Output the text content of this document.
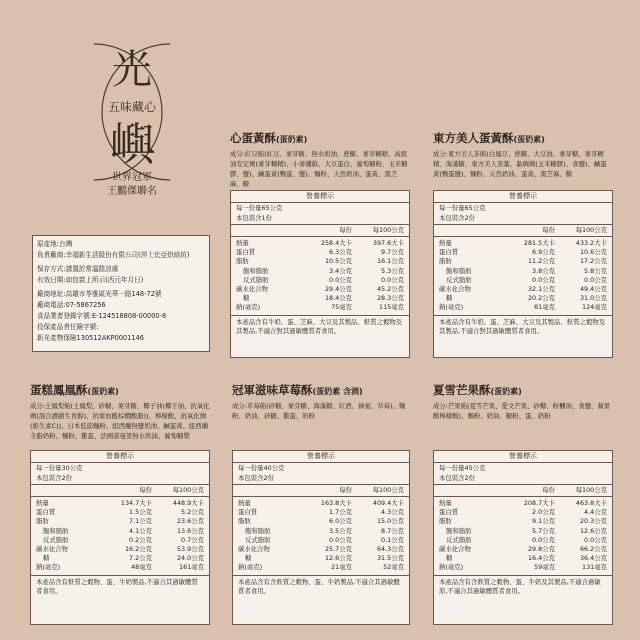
光
五味藏心
嶼
世界冠軍
王鵬傑聯名

原產地:台灣

負責廠商:幸福新生活股份有限公司(莎士比亞烘焙坊)

保存方式:請置於常溫陰涼處

有效日期:如包裝上所示(西元年月日)

廠商地址:高雄市苓雅區光華一路148-72號

廠商電話:07-5867256

食品業者登錄字號:E-124518808-00000-8

投保產品責任險字號:

新光產物保險130512AKP0001146

心蛋黃酥(蛋奶素)
成分:紅豆餡(紅豆、麥芽糖、無水奶油、蔗糖、麥芽糊精、高級油安定劑(麥芽糊精)、小麥纖維、大豆蛋白、葡萄糖粉、玉米糖膠、鹽)、鹹蛋黃(鴨蛋、鹽)、麵粉、天然奶油、蛋黃、黑芝麻、糖
營養標示
每一份量65公克
本包裝含1份
每份	每100公克
熱量	258.4大卡	397.6大卡
蛋白質	6.3公克	9.7公克
脂肪	10.5公克	16.1公克
飽和脂肪	3.4公克	5.3公克
反式脂肪	0.0公克	0.0公克
碳水化合物	29.4公克	45.2公克
糖	18.4公克	28.3公克
鈉(毫克)	75毫克	115毫克
本產品含有牛奶、蛋、芝麻、大豆及其製品、麩質之穀物及其製品,不適合對其過敏體質者食用。
東方美人蛋黃酥(蛋奶素)
成分:東方美人茶餡(白鳳豆、蔗糖、大豆油、麥芽糖、麥芽糊精、海藻糖、東方美人茶葉、黏稠劑(玉米糖膠)、食鹽)、鹹蛋黃(鴨蛋鹽)、麵粉、天然奶油、蛋黃、黑芝麻、糖
營養標示
每一份量65公克
本包裝含2份
每份	每100公克
熱量	281.5大卡	433.2大卡
蛋白質	6.9公克	10.6公克
脂肪	11.2公克	17.2公克
飽和脂肪	3.8公克	5.8公克
反式脂肪	0.0公克	0.0公克
碳水化合物	32.1公克	49.4公克
糖	20.2公克	31.0公克
鈉(毫克)	81毫克	124毫克
本產品含有牛奶、蛋、芝麻、大豆及其製品、麩質之穀物及其製品,不適合對其過敏體質者食用。
蛋糕鳳凰酥(蛋奶素)
成分:土鳳梨餡(土鳳梨、砂糖、麥芽糖、椰子油(椰子油、抗氧化劑(混合濃縮生育醇)、抗壞血酸棕櫚酸脂))、檸檬酸、抗氧化劑(維生素C))、日本低筋麵粉、紐西蘭無鹽奶油、鹹蛋黃、紐西蘭全脂奶粉、麵粉、雞蛋、法國諾曼第無水奶油、葡萄糖漿
營養標示
每一份量30公克
本包裝含2份
每份	每100公克
熱量	134.7大卡	448.9大卡
蛋白質	1.5公克	5.2公克
脂肪	7.1公克	23.6公克
飽和脂肪	4.1公克	13.6公克
反式脂肪	0.2公克	0.7公克
碳水化合物	16.2公克	53.9公克
糖	7.2公克	24.0公克
鈉(毫克)	48毫克	161毫克
本產品含有麩質之穀物、蛋、牛奶製品,不適合其過敏體質者食用。
冠軍滋味草莓酥(蛋奶素 含酒)
成分:草莓餡(砂糖、麥芽糖、海藻糖、紅酒、蜂蜜、草莓)、麵粉、奶油、砂糖、雞蛋、奶粉
營養標示
每一份量40公克
本包裝含2份
每份	每100公克
熱量	163.8大卡	409.4大卡
蛋白質	1.7公克	4.3公克
脂肪	6.0公克	15.0公克
飽和脂肪	3.5公克	8.7公克
反式脂肪	0.0公克	0.1公克
碳水化合物	25.7公克	64.3公克
糖	12.6公克	31.5公克
鈉(毫克)	21毫克	52毫克
本產品含有含麩質之穀物、蛋、牛奶製品,不適合其過敏體質者食用。
夏雪芒果酥(蛋奶素)
成分:芒果餡(夏雪芒果、愛文芒果、砂糖、粉糰油、食鹽、蘋果酸檸檬酸)、麵粉、奶油、糖粉、蛋、奶粉
營養標示
每一份量45公克
本包裝含2份
每份	每100公克
熱量	208.7大卡	463.8大卡
蛋白質	2.0公克	4.4公克
脂肪	9.1公克	20.3公克
飽和脂肪	5.7公克	12.6公克
反式脂肪	0.0公克	0.0公克
碳水化合物	29.8公克	66.2公克
糖	16.4公克	36.4公克
鈉(毫克)	59毫克	131毫克
本產品含有含麩質之穀物、蛋、牛奶及其製品,不適合過敏原,不適合其過敏體質者食用。
